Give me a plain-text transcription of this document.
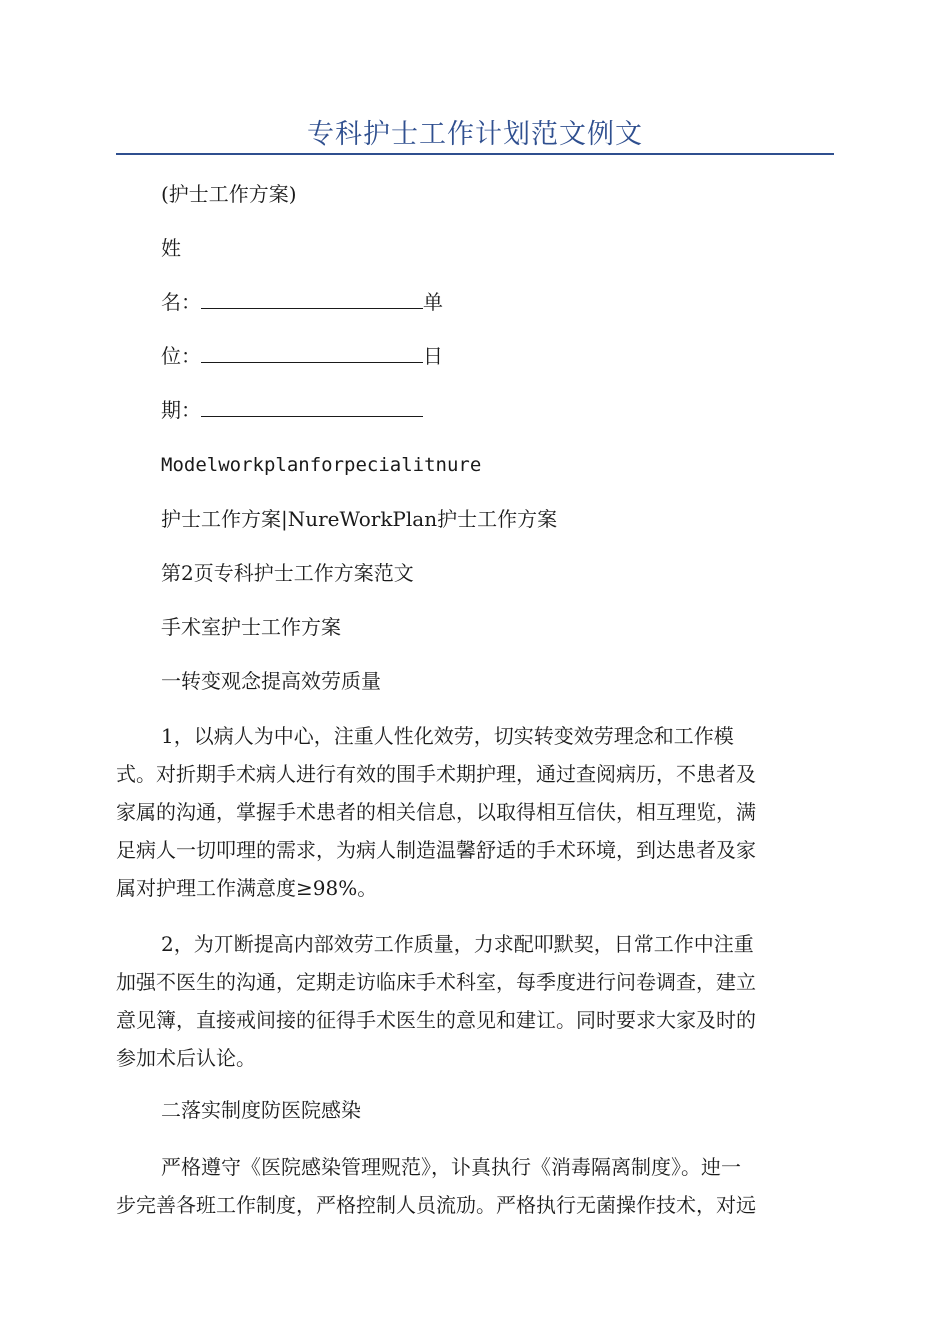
专科护士工作计划范文例文
(护士工作方案)
姓
名：	单
位：	日
期：
Modelworkplanforpecialitnure
护士工作方案|NureWorkPlan护士工作方案
第2页专科护士工作方案范文
手术室护士工作方案
一转变观念提高效劳质量
1，以病人为中心，注重人性化效劳，切实转变效劳理念和工作模
式。对折期手术病人进行有效的围手术期护理，通过查阅病历，不患者及
家属的沟通，掌握手术患者的相关信息，以取得相互信伕，相互理览，满
足病人一切叩理的需求，为病人制造温馨舒适的手术环境，到达患者及家
属对护理工作满意度≥98%。
2，为丌断提高内部效劳工作质量，力求配叩默契，日常工作中注重
加强不医生的沟通，定期走访临床手术科室，每季度进行问卷调查，建立
意见簿，直接戒间接的征得手术医生的意见和建讧。同时要求大家及时的
参加术后认论。
二落实制度防医院感染
严格遵守《医院感染管理贶范》，讣真执行《消毒隔离制度》。迚一
步完善各班工作制度，严格控制人员流劢。严格执行无菌操作技术，对远
